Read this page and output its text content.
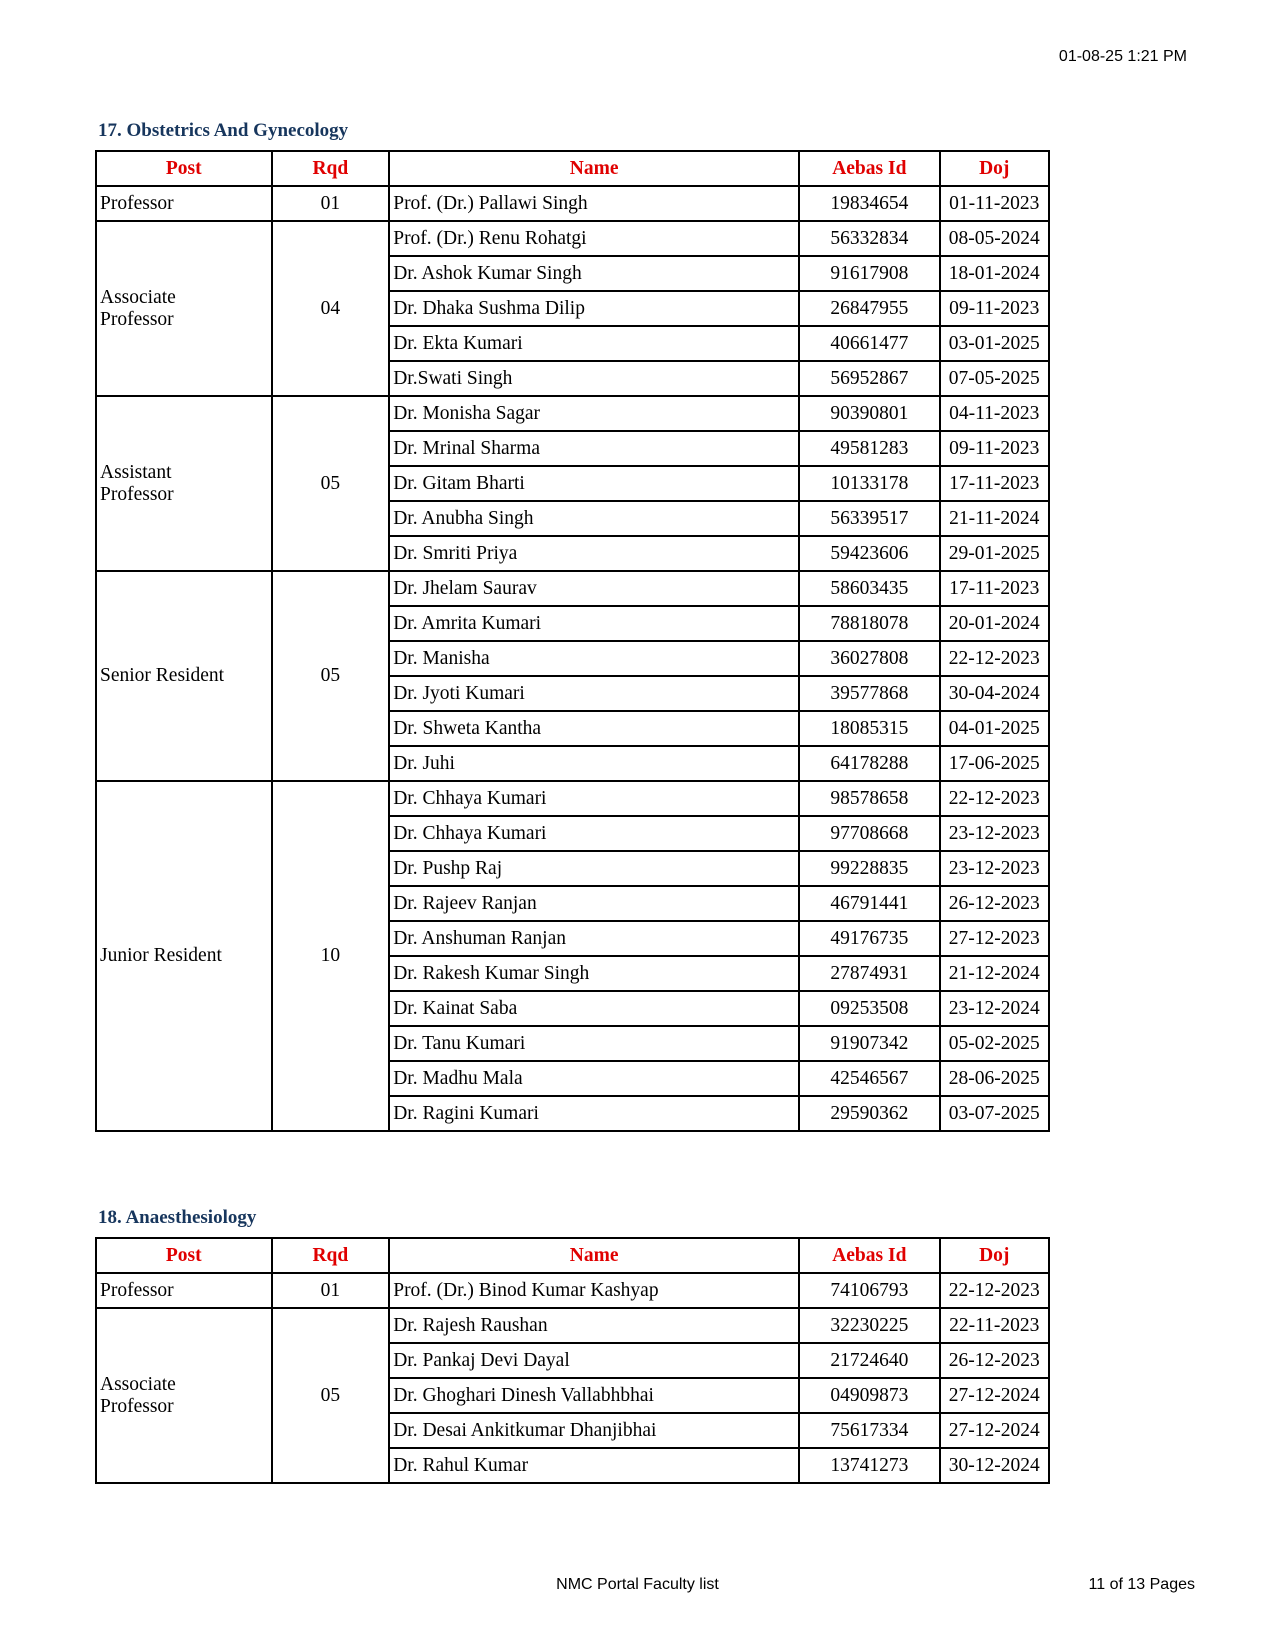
01-08-25 1:21 PM
17. Obstetrics And Gynecology
Post	Rqd	Name	Aebas Id	Doj
Professor	01	Prof. (Dr.) Pallawi Singh	19834654	01-11-2023
Associate
Professor	04	Prof. (Dr.) Renu Rohatgi	56332834	08-05-2024
		Dr. Ashok Kumar Singh	91617908	18-01-2024
		Dr. Dhaka Sushma Dilip	26847955	09-11-2023
		Dr. Ekta Kumari	40661477	03-01-2025
		Dr.Swati Singh	56952867	07-05-2025
Assistant
Professor	05	Dr. Monisha Sagar	90390801	04-11-2023
		Dr. Mrinal Sharma	49581283	09-11-2023
		Dr. Gitam Bharti	10133178	17-11-2023
		Dr. Anubha Singh	56339517	21-11-2024
		Dr. Smriti Priya	59423606	29-01-2025
Senior Resident	05	Dr. Jhelam Saurav	58603435	17-11-2023
		Dr. Amrita Kumari	78818078	20-01-2024
		Dr. Manisha	36027808	22-12-2023
		Dr. Jyoti Kumari	39577868	30-04-2024
		Dr. Shweta Kantha	18085315	04-01-2025
		Dr. Juhi	64178288	17-06-2025
Junior Resident	10	Dr. Chhaya Kumari	98578658	22-12-2023
		Dr. Chhaya Kumari	97708668	23-12-2023
		Dr. Pushp Raj	99228835	23-12-2023
		Dr. Rajeev Ranjan	46791441	26-12-2023
		Dr. Anshuman Ranjan	49176735	27-12-2023
		Dr. Rakesh Kumar Singh	27874931	21-12-2024
		Dr. Kainat Saba	09253508	23-12-2024
		Dr. Tanu Kumari	91907342	05-02-2025
		Dr. Madhu Mala	42546567	28-06-2025
		Dr. Ragini Kumari	29590362	03-07-2025
18. Anaesthesiology
Post	Rqd	Name	Aebas Id	Doj
Professor	01	Prof. (Dr.) Binod Kumar Kashyap	74106793	22-12-2023
Associate
Professor	05	Dr. Rajesh Raushan	32230225	22-11-2023
		Dr. Pankaj Devi Dayal	21724640	26-12-2023
		Dr. Ghoghari Dinesh Vallabhbhai	04909873	27-12-2024
		Dr. Desai Ankitkumar Dhanjibhai	75617334	27-12-2024
		Dr. Rahul Kumar	13741273	30-12-2024
NMC Portal Faculty list	11 of 13 Pages
